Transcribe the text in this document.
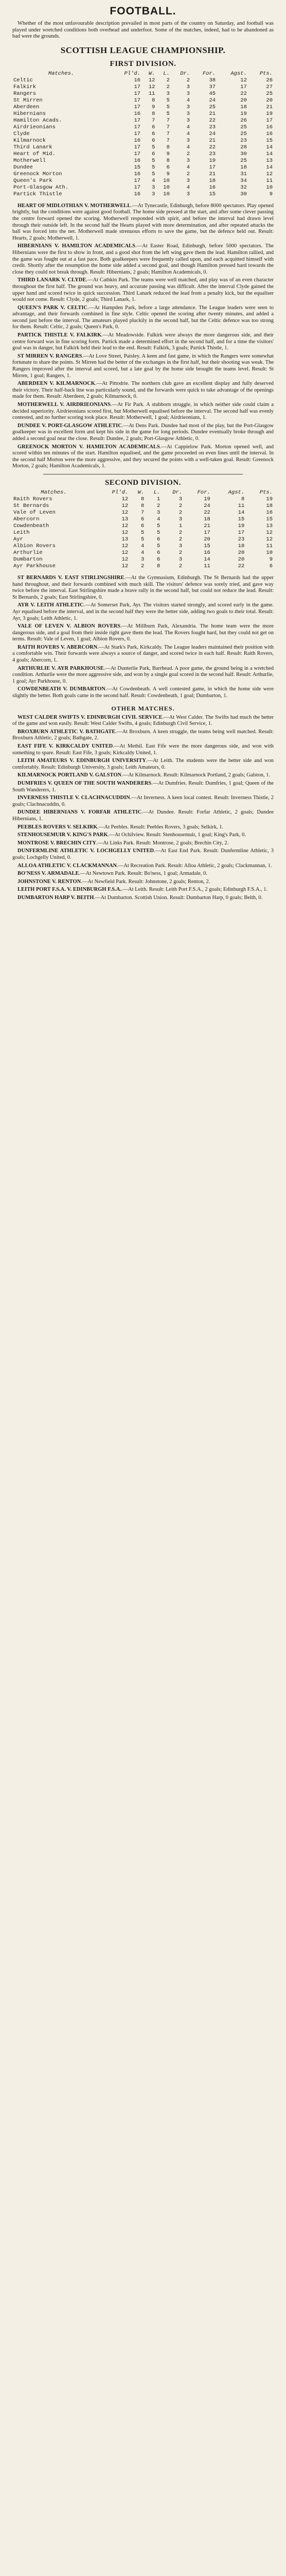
FOOTBALL.

Whether of the most unfavourable description prevailed in most parts of the country on Saturday, and football was played under wretched conditions both overhead and underfoot. Some of the matches, indeed, had to be abandoned as bad were the grounds.

SCOTTISH LEAGUE CHAMPIONSHIP.
FIRST DIVISION.
Matches.	Pl'd.	W.	L.	Dr.	For.	Agst.	Pts.
Celtic	16	12	2	2	38	12	26
Falkirk	17	12	2	3	37	17	27
Rangers	17	11	3	3	45	22	25
St Mirren	17	8	5	4	24	20	20
Aberdeen	17	9	5	3	25	18	21
Hibernians	16	8	5	3	21	19	19
Hamilton Acads.	17	7	7	3	22	26	17
Airdrieonians	17	6	7	4	23	25	16
Clyde	17	6	7	4	24	25	16
Kilmarnock	16	6	7	3	21	23	15
Third Lanark	17	5	8	4	22	28	14
Heart of Mid.	17	6	9	2	23	30	14
Motherwell	16	5	8	3	19	25	13
Dundee	15	5	6	4	17	18	14
Greenock Morton	16	5	9	2	21	31	12
Queen's Park	17	4	10	3	18	34	11
Port-Glasgow Ath.	17	3	10	4	16	32	10
Partick Thistle	16	3	10	3	15	30	9

HEART OF MIDLOTHIAN V. MOTHERWELL.—At Tynecastle, Edinburgh, before 8000 spectators. Play opened brightly, but the conditions were against good football. The home side pressed at the start, and after some clever passing the centre forward opened the scoring. Motherwell responded with spirit, and before the interval had drawn level through their outside left. In the second half the Hearts played with more determination, and after repeated attacks the ball was forced into the net. Motherwell made strenuous efforts to save the game, but the defence held out. Result: Hearts, 2 goals; Motherwell, 1.

HIBERNIANS V. HAMILTON ACADEMICALS.—At Easter Road, Edinburgh, before 5000 spectators. The Hibernians were the first to show in front, and a good shot from the left wing gave them the lead. Hamilton rallied, and the game was fought out at a fast pace. Both goalkeepers were frequently called upon, and each acquitted himself with credit. Shortly after the resumption the home side added a second goal, and though Hamilton pressed hard towards the close they could not break through. Result: Hibernians, 2 goals; Hamilton Academicals, 0.

THIRD LANARK V. CLYDE.—At Cathkin Park. The teams were well matched, and play was of an even character throughout the first half. The ground was heavy, and accurate passing was difficult. After the interval Clyde gained the upper hand and scored twice in quick succession. Third Lanark reduced the lead from a penalty kick, but the equaliser would not come. Result: Clyde, 2 goals; Third Lanark, 1.

QUEEN'S PARK V. CELTIC.—At Hampden Park, before a large attendance. The League leaders were seen to advantage, and their forwards combined in fine style. Celtic opened the scoring after twenty minutes, and added a second just before the interval. The amateurs played pluckily in the second half, but the Celtic defence was too strong for them. Result: Celtic, 2 goals; Queen's Park, 0.

PARTICK THISTLE V. FALKIRK.—At Meadowside. Falkirk were always the more dangerous side, and their centre forward was in fine scoring form. Partick made a determined effort in the second half, and for a time the visitors' goal was in danger, but Falkirk held their lead to the end. Result: Falkirk, 3 goals; Partick Thistle, 1.

ST MIRREN V. RANGERS.—At Love Street, Paisley. A keen and fast game, in which the Rangers were somewhat fortunate to share the points. St Mirren had the better of the exchanges in the first half, but their shooting was weak. The Rangers improved after the interval and scored, but a late goal by the home side brought the teams level. Result: St Mirren, 1 goal; Rangers, 1.

ABERDEEN V. KILMARNOCK.—At Pittodrie. The northern club gave an excellent display and fully deserved their victory. Their half-back line was particularly sound, and the forwards were quick to take advantage of the openings made for them. Result: Aberdeen, 2 goals; Kilmarnock, 0.

MOTHERWELL V. AIRDRIEONIANS.—At Fir Park. A stubborn struggle, in which neither side could claim a decided superiority. Airdrieonians scored first, but Motherwell equalised before the interval. The second half was evenly contested, and no further scoring took place. Result: Motherwell, 1 goal; Airdrieonians, 1.

DUNDEE V. PORT-GLASGOW ATHLETIC.—At Dens Park. Dundee had most of the play, but the Port-Glasgow goalkeeper was in excellent form and kept his side in the game for long periods. Dundee eventually broke through and added a second goal near the close. Result: Dundee, 2 goals; Port-Glasgow Athletic, 0.

GREENOCK MORTON V. HAMILTON ACADEMICALS.—At Cappielow Park. Morton opened well, and scored within ten minutes of the start. Hamilton equalised, and the game proceeded on even lines until the interval. In the second half Morton were the more aggressive, and they secured the points with a well-taken goal. Result: Greenock Morton, 2 goals; Hamilton Academicals, 1.

SECOND DIVISION.
Matches.	Pl'd.	W.	L.	Dr.	For.	Agst.	Pts.
Raith Rovers	12	8	1	3	19	8	19
St Bernards	12	8	2	2	24	11	18
Vale of Leven	12	7	3	2	22	14	16
Abercorn	13	6	4	3	18	15	15
Cowdenbeath	12	6	5	1	21	19	13
Leith	12	5	5	2	17	17	12
Ayr	13	5	6	2	20	23	12
Albion Rovers	12	4	5	3	15	18	11
Arthurlie	12	4	6	2	16	20	10
Dumbarton	12	3	6	3	14	20	9
Ayr Parkhouse	12	2	8	2	11	22	6

ST BERNARDS V. EAST STIRLINGSHIRE.—At the Gymnasium, Edinburgh. The St Bernards had the upper hand throughout, and their forwards combined with much skill. The visitors' defence was sorely tried, and gave way twice before the interval. East Stirlingshire made a brave rally in the second half, but could not reduce the lead. Result: St Bernards, 2 goals; East Stirlingshire, 0.

AYR V. LEITH ATHLETIC.—At Somerset Park, Ayr. The visitors started strongly, and scored early in the game. Ayr equalised before the interval, and in the second half they were the better side, adding two goals to their total. Result: Ayr, 3 goals; Leith Athletic, 1.

VALE OF LEVEN V. ALBION ROVERS.—At Millburn Park, Alexandria. The home team were the more dangerous side, and a goal from their inside right gave them the lead. The Rovers fought hard, but they could not get on terms. Result: Vale of Leven, 1 goal; Albion Rovers, 0.

RAITH ROVERS V. ABERCORN.—At Stark's Park, Kirkcaldy. The League leaders maintained their position with a comfortable win. Their forwards were always a source of danger, and scored twice in each half. Result: Raith Rovers, 4 goals; Abercorn, 1.

ARTHURLIE V. AYR PARKHOUSE.—At Dunterlie Park, Barrhead. A poor game, the ground being in a wretched condition. Arthurlie were the more aggressive side, and won by a single goal scored in the second half. Result: Arthurlie, 1 goal; Ayr Parkhouse, 0.

COWDENBEATH V. DUMBARTON.—At Cowdenbeath. A well contested game, in which the home side were slightly the better. Both goals came in the second half. Result: Cowdenbeath, 1 goal; Dumbarton, 1.

OTHER MATCHES.

WEST CALDER SWIFTS V. EDINBURGH CIVIL SERVICE.—At West Calder. The Swifts had much the better of the game and won easily. Result: West Calder Swifts, 4 goals; Edinburgh Civil Service, 1.

BROXBURN ATHLETIC V. BATHGATE.—At Broxburn. A keen struggle, the teams being well matched. Result: Broxburn Athletic, 2 goals; Bathgate, 2.

EAST FIFE V. KIRKCALDY UNITED.—At Methil. East Fife were the more dangerous side, and won with something to spare. Result: East Fife, 3 goals; Kirkcaldy United, 1.

LEITH AMATEURS V. EDINBURGH UNIVERSITY.—At Leith. The students were the better side and won comfortably. Result: Edinburgh University, 3 goals; Leith Amateurs, 0.

KILMARNOCK PORTLAND V. GALSTON.—At Kilmarnock. Result: Kilmarnock Portland, 2 goals; Galston, 1.

DUMFRIES V. QUEEN OF THE SOUTH WANDERERS.—At Dumfries. Result: Dumfries, 1 goal; Queen of the South Wanderers, 1.

INVERNESS THISTLE V. CLACHNACUDDIN.—At Inverness. A keen local contest. Result: Inverness Thistle, 2 goals; Clachnacuddin, 0.

DUNDEE HIBERNIANS V. FORFAR ATHLETIC.—At Dundee. Result: Forfar Athletic, 2 goals; Dundee Hibernians, 1.

PEEBLES ROVERS V. SELKIRK.—At Peebles. Result: Peebles Rovers, 3 goals; Selkirk, 1.

STENHOUSEMUIR V. KING'S PARK.—At Ochilview. Result: Stenhousemuir, 1 goal; King's Park, 0.

MONTROSE V. BRECHIN CITY.—At Links Park. Result: Montrose, 2 goals; Brechin City, 2.

DUNFERMLINE ATHLETIC V. LOCHGELLY UNITED.—At East End Park. Result: Dunfermline Athletic, 3 goals; Lochgelly United, 0.

ALLOA ATHLETIC V. CLACKMANNAN.—At Recreation Park. Result: Alloa Athletic, 2 goals; Clackmannan, 1.

BO'NESS V. ARMADALE.—At Newtown Park. Result: Bo'ness, 1 goal; Armadale, 0.

JOHNSTONE V. RENTON.—At Newfield Park. Result: Johnstone, 2 goals; Renton, 2.

LEITH PORT F.S.A. V. EDINBURGH F.S.A..—At Leith. Result: Leith Port F.S.A., 2 goals; Edinburgh F.S.A., 1.

DUMBARTON HARP V. BEITH.—At Dumbarton. Scottish Union. Result: Dumbarton Harp, 0 goals; Beith, 0.
